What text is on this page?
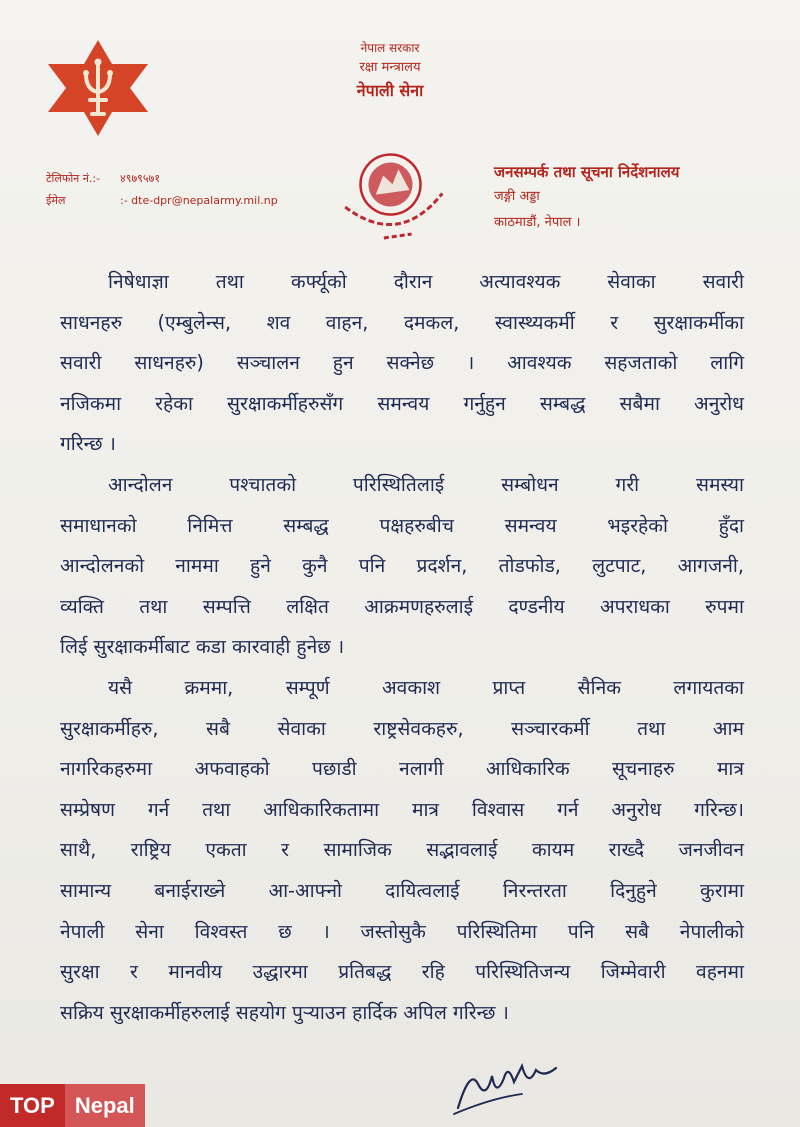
नेपाल सरकार
रक्षा मन्त्रालय
नेपाली सेना
टेलिफोन नं.:-	४९७९५७१
ईमेल	:- dte-dpr@nepalarmy.mil.np
जनसम्पर्क तथा सूचना निर्देशनालय
जङ्गी अड्डा
काठमाडौं, नेपाल ।

निषेधाज्ञा तथा कर्फ्यूको दौरान अत्यावश्यक सेवाका सवारी
साधनहरु (एम्बुलेन्स, शव वाहन, दमकल, स्वास्थ्यकर्मी र सुरक्षाकर्मीका
सवारी साधनहरु) सञ्चालन हुन सक्नेछ । आवश्यक सहजताको लागि
नजिकमा रहेका सुरक्षाकर्मीहरुसँग समन्वय गर्नुहुन सम्बद्ध सबैमा अनुरोध

गरिन्छ ।

आन्दोलन पश्चातको परिस्थितिलाई सम्बोधन गरी समस्या
समाधानको निमित्त सम्बद्ध पक्षहरुबीच समन्वय भइरहेको हुँदा
आन्दोलनको नाममा हुने कुनै पनि प्रदर्शन, तोडफोड, लुटपाट, आगजनी,
व्यक्ति तथा सम्पत्ति लक्षित आक्रमणहरुलाई दण्डनीय अपराधका रुपमा

लिई सुरक्षाकर्मीबाट कडा कारवाही हुनेछ ।

यसै क्रममा, सम्पूर्ण अवकाश प्राप्त सैनिक लगायतका
सुरक्षाकर्मीहरु, सबै सेवाका राष्ट्रसेवकहरु, सञ्चारकर्मी तथा आम
नागरिकहरुमा अफवाहको पछाडी नलागी आधिकारिक सूचनाहरु मात्र
सम्प्रेषण गर्न तथा आधिकारिकतामा मात्र विश्वास गर्न अनुरोध गरिन्छ।
साथै, राष्ट्रिय एकता र सामाजिक सद्भावलाई कायम राख्दै जनजीवन
सामान्य बनाईराख्ने आ-आफ्नो दायित्वलाई निरन्तरता दिनुहुने कुरामा
नेपाली सेना विश्वस्त छ । जस्तोसुकै परिस्थितिमा पनि सबै नेपालीको
सुरक्षा र मानवीय उद्धारमा प्रतिबद्ध रहि परिस्थितिजन्य जिम्मेवारी वहनमा

सक्रिय सुरक्षाकर्मीहरुलाई सहयोग पुऱ्याउन हार्दिक अपिल गरिन्छ ।

TOP Nepal
